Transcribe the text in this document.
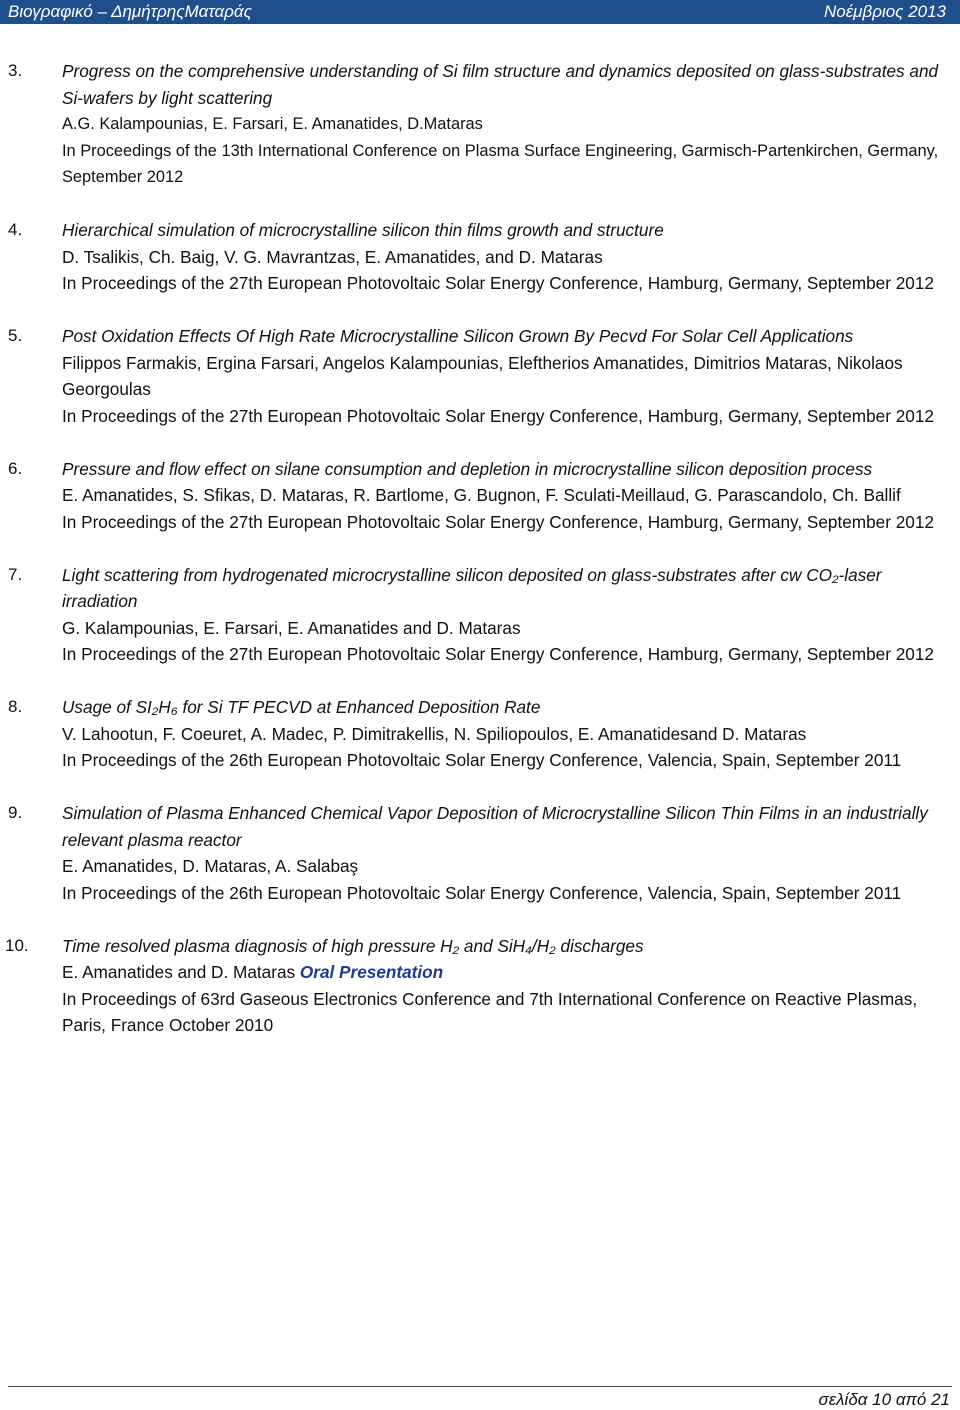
Βιογραφικό – ΔημήτρηςΜαταράς	Νοέμβριος 2013
3. Progress on the comprehensive understanding of Si film structure and dynamics deposited on glass-substrates and Si-wafers by light scattering
A.G. Kalampounias, E. Farsari, E. Amanatides, D.Mataras
In Proceedings of the 13th International Conference on Plasma Surface Engineering, Garmisch-Partenkirchen, Germany, September 2012
4. Hierarchical simulation of microcrystalline silicon thin films growth and structure
D. Tsalikis, Ch. Baig, V. G. Mavrantzas, E. Amanatides, and D. Mataras
In Proceedings of the 27th European Photovoltaic Solar Energy Conference, Hamburg, Germany, September 2012
5. Post Oxidation Effects Of High Rate Microcrystalline Silicon Grown By Pecvd For Solar Cell Applications
Filippos Farmakis, Ergina Farsari, Angelos Kalampounias, Eleftherios Amanatides, Dimitrios Mataras, Nikolaos Georgoulas
In Proceedings of the 27th European Photovoltaic Solar Energy Conference, Hamburg, Germany, September 2012
6. Pressure and flow effect on silane consumption and depletion in microcrystalline silicon deposition process
E. Amanatides, S. Sfikas, D. Mataras, R. Bartlome, G. Bugnon, F. Sculati-Meillaud, G. Parascandolo, Ch. Ballif
In Proceedings of the 27th European Photovoltaic Solar Energy Conference, Hamburg, Germany, September 2012
7. Light scattering from hydrogenated microcrystalline silicon deposited on glass-substrates after cw CO₂-laser irradiation
G. Kalampounias, E. Farsari, E. Amanatides and D. Mataras
In Proceedings of the 27th European Photovoltaic Solar Energy Conference, Hamburg, Germany, September 2012
8. Usage of SI₂H₆ for Si TF PECVD at Enhanced Deposition Rate
V. Lahootun, F. Coeuret, A. Madec, P. Dimitrakellis, N. Spiliopoulos, E. Amanatidesand D. Mataras
In Proceedings of the 26th European Photovoltaic Solar Energy Conference, Valencia, Spain, September 2011
9. Simulation of Plasma Enhanced Chemical Vapor Deposition of Microcrystalline Silicon Thin Films in an industrially relevant plasma reactor
E. Amanatides, D. Mataras, A. Salabaş
In Proceedings of the 26th European Photovoltaic Solar Energy Conference, Valencia, Spain, September 2011
10. Time resolved plasma diagnosis of high pressure H₂ and SiH₄/H₂ discharges
E. Amanatides and D. Mataras Oral Presentation
In Proceedings of 63rd Gaseous Electronics Conference and 7th International Conference on Reactive Plasmas, Paris, France October 2010
σελίδα 10 από 21
